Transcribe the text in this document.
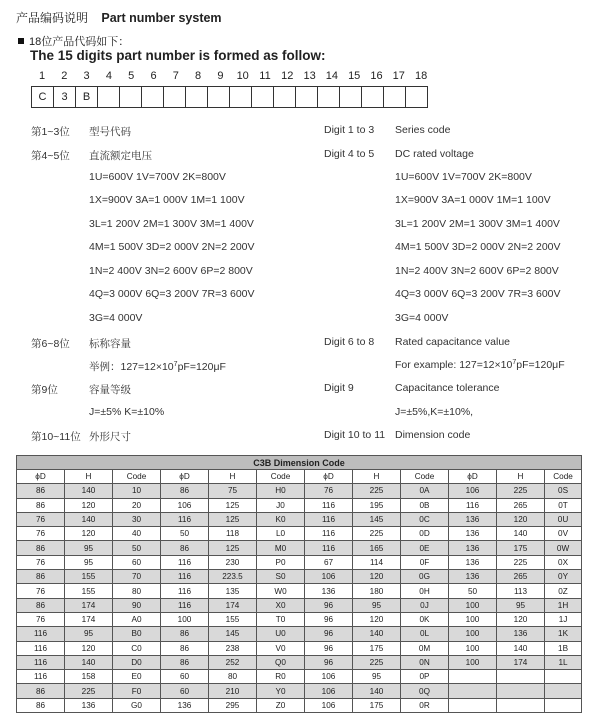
产品编码说明 Part number system
18位产品代码如下：
The 15 digits part number is formed as follow:
1	2	3	4	5	6	7	8	9	10 11 12 13 14 15 16 17 18
C	3	B															
第1~3位 型号代码	Digit 1 to 3 Series code
第4~5位 直流额定电压	Digit 4 to 5 DC rated voltage
1U=600V 1V=700V 2K=800V	1U=600V 1V=700V 2K=800V
1X=900V 3A=1 000V 1M=1 100V	1X=900V 3A=1 000V 1M=1 100V
3L=1 200V 2M=1 300V 3M=1 400V	3L=1 200V 2M=1 300V 3M=1 400V
4M=1 500V 3D=2 000V 2N=2 200V	4M=1 500V 3D=2 000V 2N=2 200V
1N=2 400V 3N=2 600V 6P=2 800V	1N=2 400V 3N=2 600V 6P=2 800V
4Q=3 000V 6Q=3 200V 7R=3 600V	4Q=3 000V 6Q=3 200V 7R=3 600V
3G=4 000V	3G=4 000V
第6~8位 标称容量	Digit 6 to 8 Rated capacitance value
举例：$127=12\times 10^7pF=120\mu F$	For example: $127=12\times 10^7pF=120\mu F$
第9位	容量等级	Digit 9	Capacitance tolerance
J=±5% K=±10%	J=±5%,K=±10%,
第10~11位 外形尺寸	Digit 10 to 11 Dimension code
C3B Dimension Code											
ϕD	H	Code	ϕD	H	Code	ϕD	H	Code	ϕD	H	Code
86	140	10	86	75	H0	76	225	0A	106	225	0S
86	120	20	106	125	J0	116	195	0B	116	265	0T
76	140	30	116	125	K0	116	145	0C	136	120	0U
76	120	40	50	118	L0	116	225	0D	136	140	0V
86	95	50	86	125	M0	116	165	0E	136	175	0W
76	95	60	116	230	P0	67	114	0F	136	225	0X
86	155	70	116	223.5	S0	106	120	0G	136	265	0Y
76	155	80	116	135	W0	136	180	0H	50	113	0Z
86	174	90	116	174	X0	96	95	0J	100	95	1H
76	174	A0	100	155	T0	96	120	0K	100	120	1J
116	95	B0	86	145	U0	96	140	0L	100	136	1K
116	120	C0	86	238	V0	96	175	0M	100	140	1B
116	140	D0	86	252	Q0	96	225	0N	100	174	1L
116	158	E0	60	80	R0	106	95	0P			
86	225	F0	60	210	Y0	106	140	0Q			
86	136	G0	136	295	Z0	106	175	0R			
